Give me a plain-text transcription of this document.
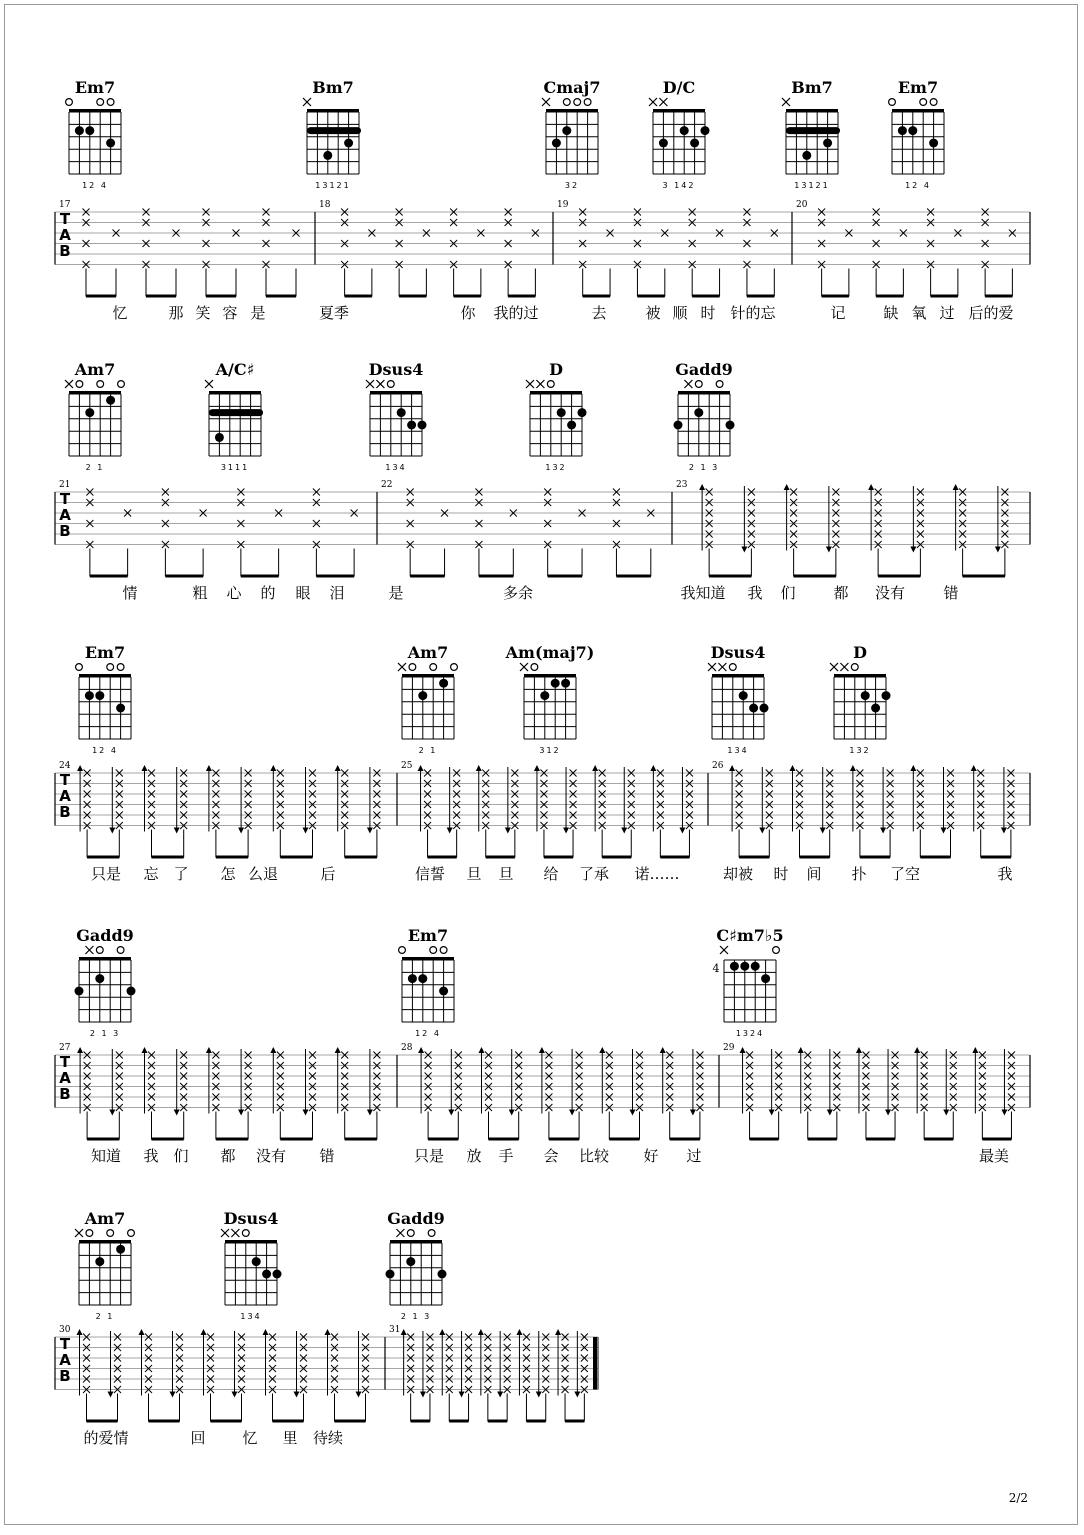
Em7
12 4
Bm7
13121
Cmaj7
32
D/C
3 142
Bm7
13121
Em7
12 4
T
A
B
17	18	19	20
忆	那 笑 容 是	夏季	你 我的过	去	被 顺 时 针的忘	记	缺 氧 过 后的爱
Am7
2 1
A/C♯
3111
Dsus4
134
D
132
Gadd9
2 1 3
T
A
B
21	22	23
情	粗 心 的 眼 泪	是	多余	我知道 我 们	都 没有	错
Em7
12 4
Am7
2 1
Am(maj7)
312
Dsus4
134
D
132
T
A
B
24	25	26
只是 忘 了 怎 么退	后	信誓 旦 旦 给 了承 诺……	却被 时 间 扑 了空	我
Gadd9
2 1 3
Em7
12 4
C♯m7♭5
4
1324
T
A
B
27	28	29
知道 我 们 都 没有 错	只是 放 手 会 比较 好 过	最美
Am7
2 1
Dsus4
134
Gadd9
2 1 3
T
A
B
30	31
的爱情	回 忆 里 待续
2/2
